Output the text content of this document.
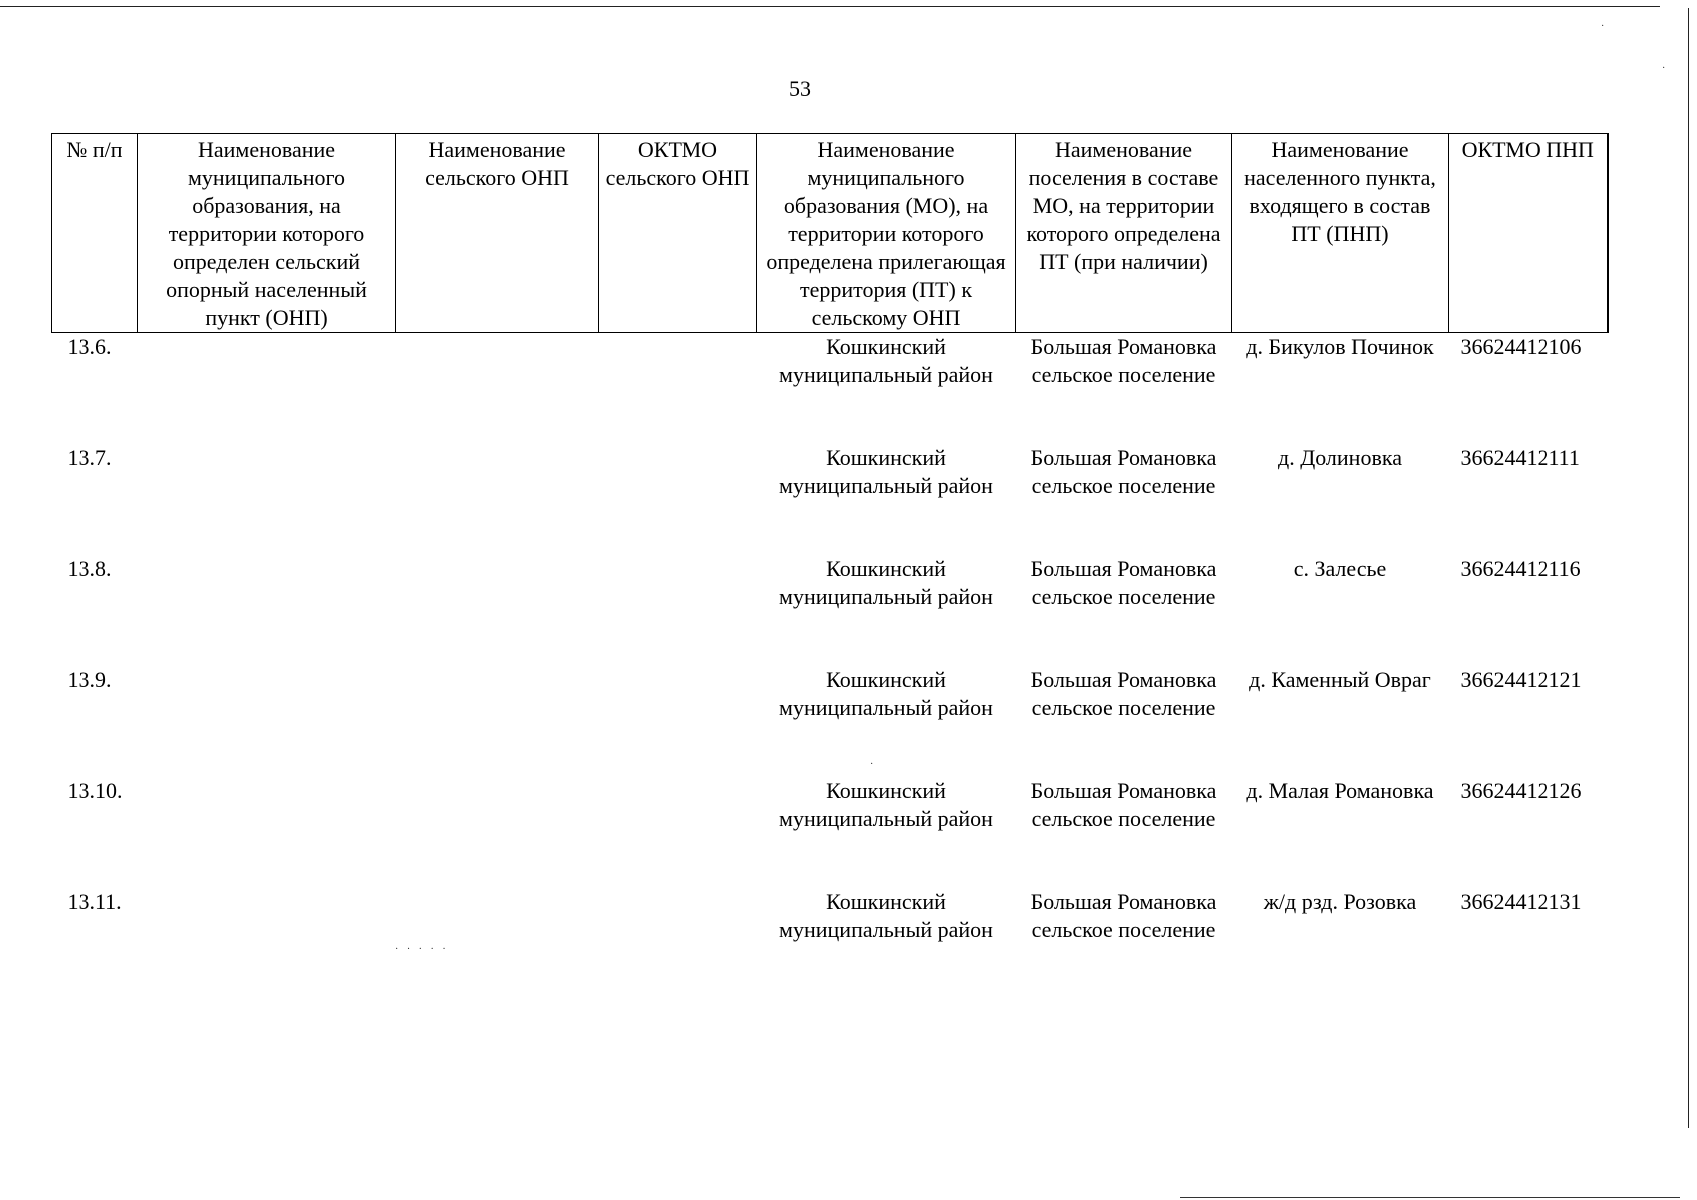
·
·
·
· · · · ·
53
№ п/п	Наименование муниципального образования, на территории которого определен сельский опорный населенный пункт (ОНП)	Наименование сельского ОНП	ОКТМО сельского ОНП	Наименование муниципального образования (МО), на территории которого определена прилегающая территория (ПТ) к сельскому ОНП	Наименование поселения в составе МО, на территории которого определена ПТ (при наличии)	Наименование населенного пункта, входящего в состав ПТ (ПНП)	ОКТМО ПНП
13.6.				Кошкинский муниципальный район	Большая Романовка сельское поселение	д. Бикулов Починок	36624412106
13.7.				Кошкинский муниципальный район	Большая Романовка сельское поселение	д. Долиновка	36624412111
13.8.				Кошкинский муниципальный район	Большая Романовка сельское поселение	с. Залесье	36624412116
13.9.				Кошкинский муниципальный район	Большая Романовка сельское поселение	д. Каменный Овраг	36624412121
13.10.				Кошкинский муниципальный район	Большая Романовка сельское поселение	д. Малая Романовка	36624412126
13.11.				Кошкинский муниципальный район	Большая Романовка сельское поселение	ж/д рзд. Розовка	36624412131
